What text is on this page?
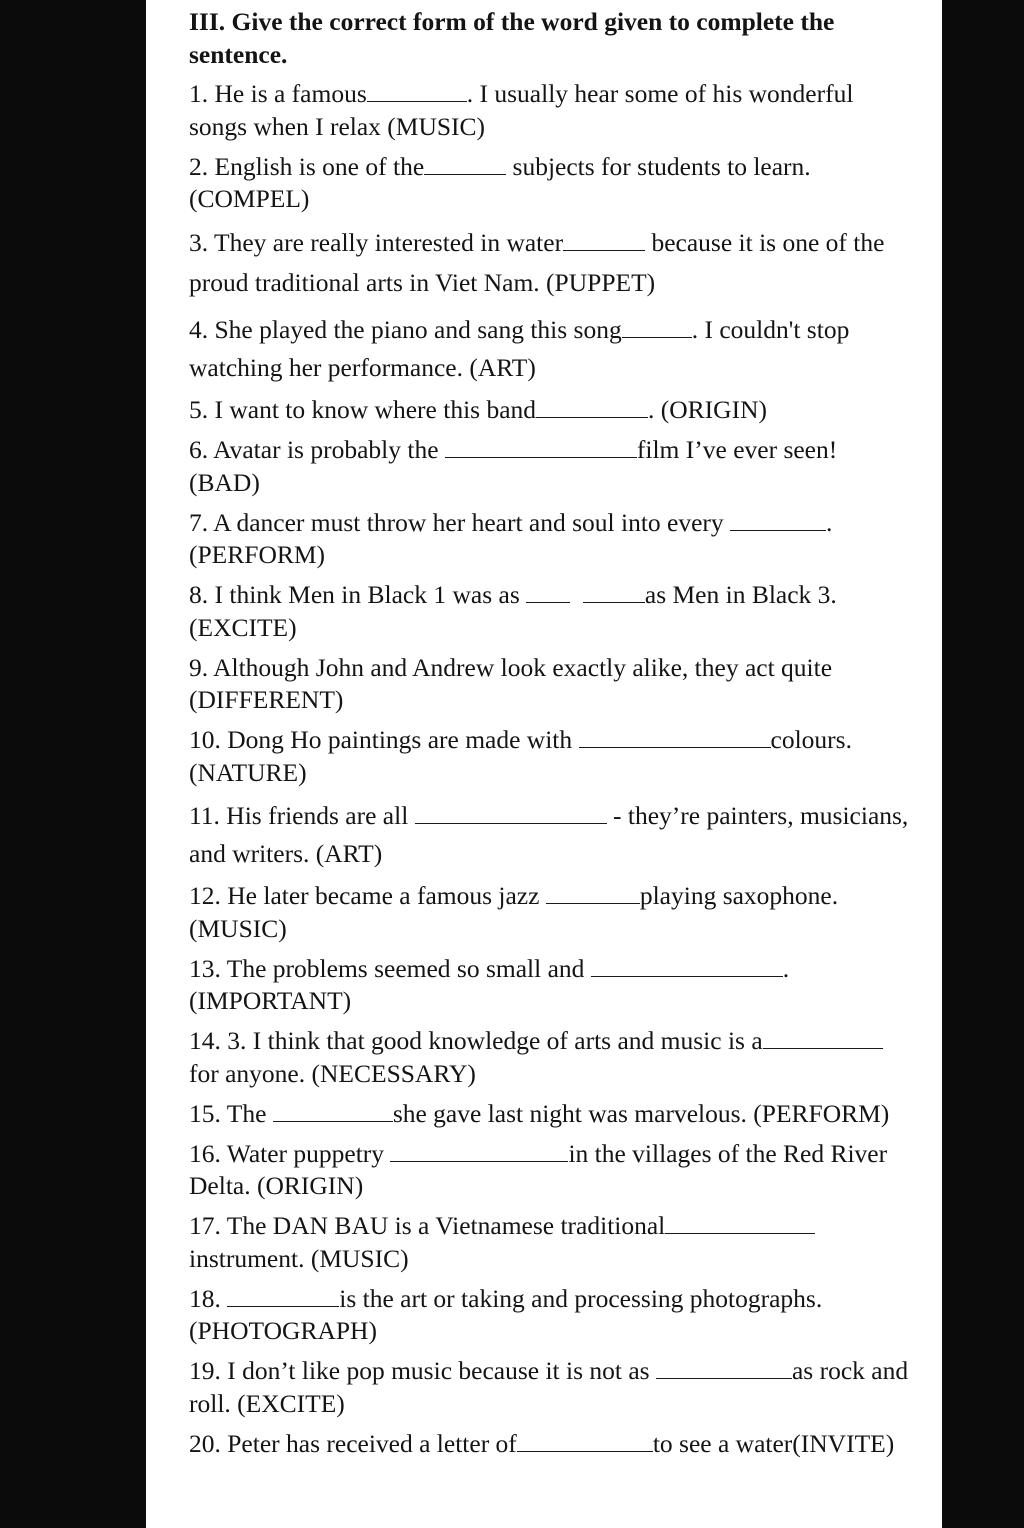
III. Give the correct form of the word given to complete the sentence.
1. He is a famous	. I usually hear some of his wonderful songs when I relax (MUSIC)
2. English is one of the	subjects for students to learn. (COMPEL)
3. They are really interested in water	because it is one of the proud traditional arts in Viet Nam. (PUPPET)
4. She played the piano and sang this song	. I couldn't stop watching her performance. (ART)
5. I want to know where this band	. (ORIGIN)
6. Avatar is probably the	film I’ve ever seen! (BAD)
7. A dancer must throw her heart and soul into every	. (PERFORM)
8. I think Men in Black 1 was as	as Men in Black 3. (EXCITE)
9. Although John and Andrew look exactly alike, they act quite (DIFFERENT)
10. Dong Ho paintings are made with	colours. (NATURE)
11. His friends are all	- they’re painters, musicians, and writers. (ART)
12. He later became a famous jazz	playing saxophone. (MUSIC)
13. The problems seemed so small and	. (IMPORTANT)
14. 3. I think that good knowledge of arts and music is afor anyone. (NECESSARY)
15. The	she gave last night was marvelous. (PERFORM)
16. Water puppetry	in the villages of the Red River Delta. (ORIGIN)
17. The DAN BAU is a Vietnamese traditional instrument. (MUSIC)
18.	is the art or taking and processing photographs. (PHOTOGRAPH)
19. I don’t like pop music because it is not as	as rock and roll. (EXCITE)
20. Peter has received a letter of	to see a water(INVITE)
